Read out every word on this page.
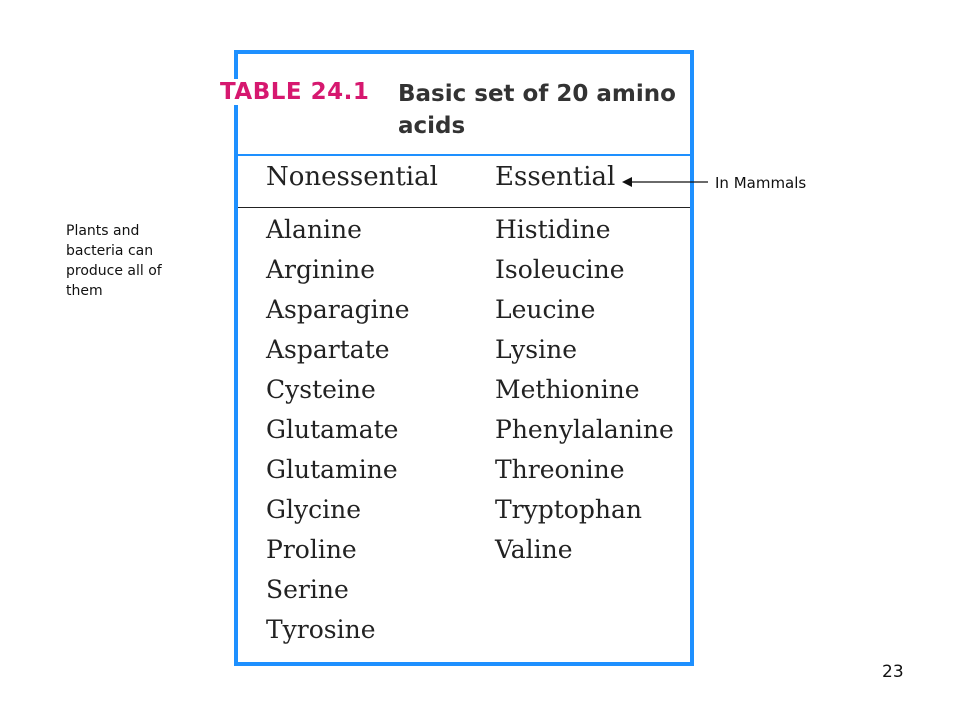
Plants and
bacteria can
produce all of
them
TABLE 24.1 Basic set of 20 amino
acids
Nonessential Essential
Alanine	Histidine
Arginine	Isoleucine
Asparagine	Leucine
Aspartate	Lysine
Cysteine	Methionine
Glutamate	Phenylalanine
Glutamine	Threonine
Glycine	Tryptophan
Proline	Valine
Serine
Tyrosine
In Mammals
23
